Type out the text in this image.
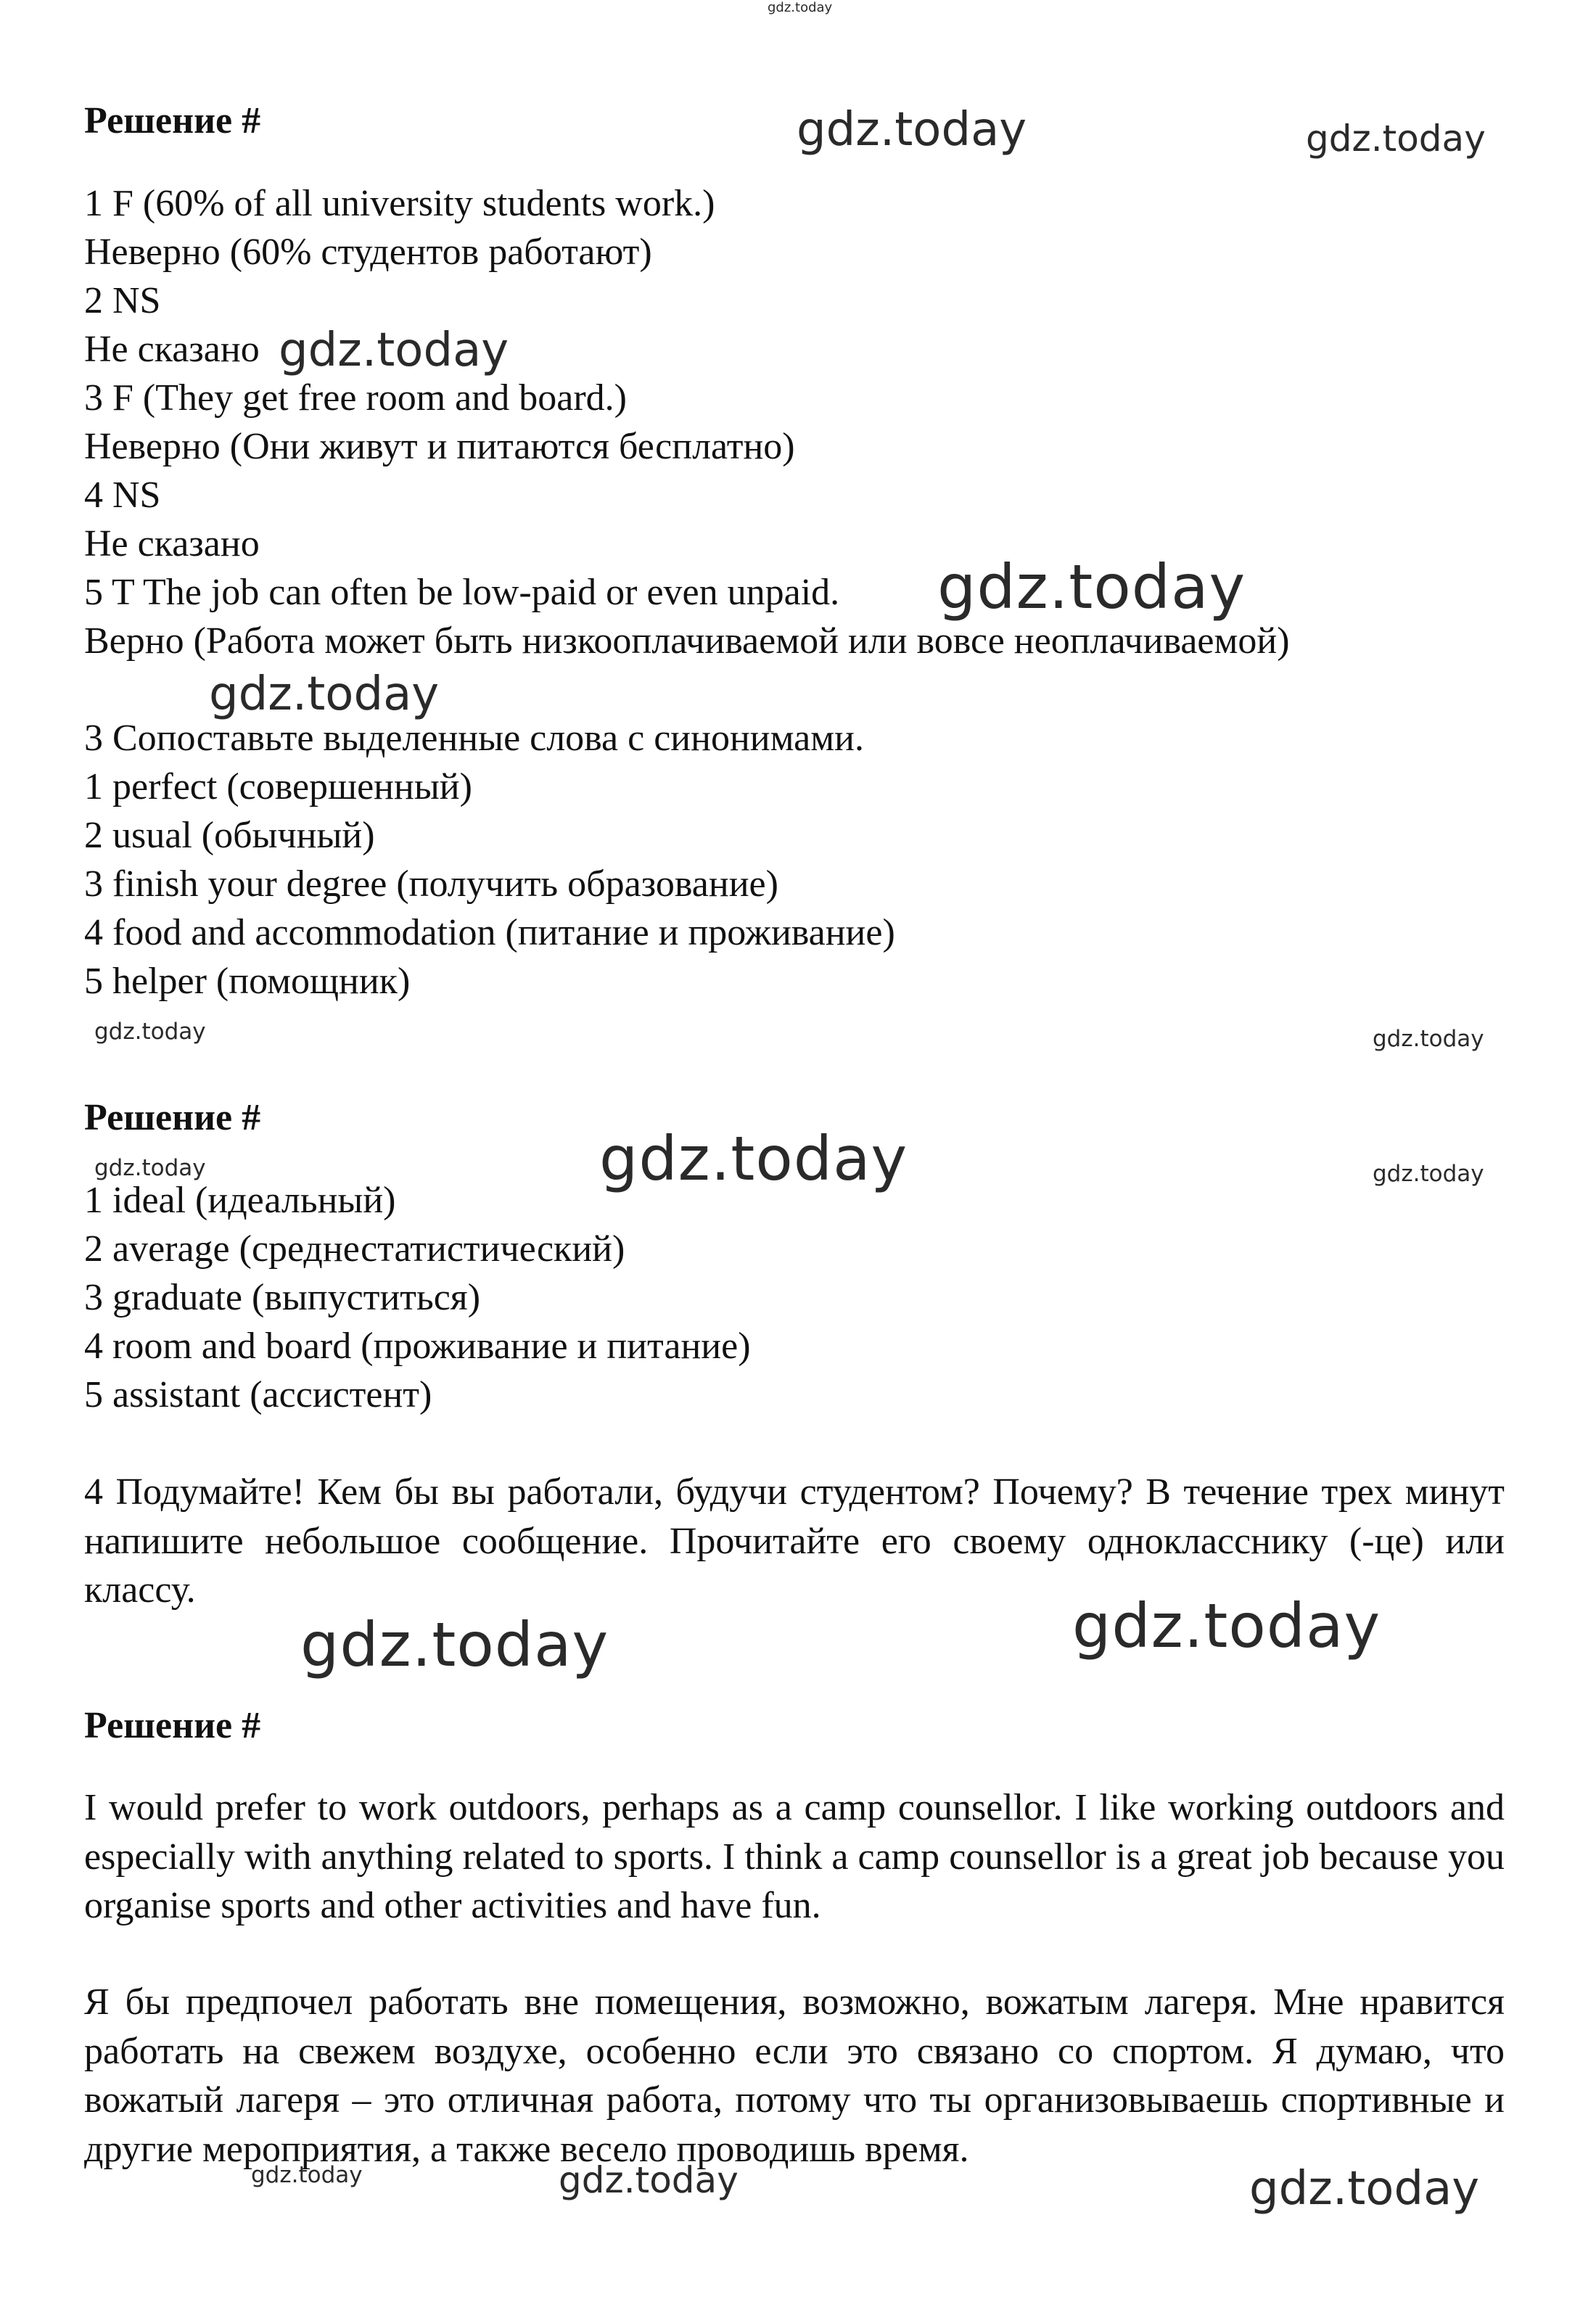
gdz.today

Решение #	gdz.today	gdz.today

1 F (60% of all university students work.)

Неверно (60% студентов работают)

2 NS

Не сказано gdz.today

3 F (They get free room and board.)

Неверно (Они живут и питаются бесплатно)

4 NS

Не сказано

5 T The job can often be low-paid or even unpaid. gdz.today

Верно (Работа может быть низкооплачиваемой или вовсе неоплачиваемой)

gdz.today

3 Сопоставьте выделенные слова с синонимами.

1 perfect (совершенный)

2 usual (обычный)

3 finish your degree (получить образование)

4 food and accommodation (питание и проживание)

5 helper (помощник)

gdz.today	gdz.today

Решение #

gdz.today
gdz.today	gdz.today

1 ideal (идеальный)

2 average (среднестатистический)

3 graduate (выпуститься)

4 room and board (проживание и питание)

5 assistant (ассистент)

4 Подумайте! Кем бы вы работали, будучи студентом? Почему? В течение трех минут напишите небольшое сообщение. Прочитайте его своему однокласснику (-це) или классу.

gdz.today	gdz.today

Решение #

I would prefer to work outdoors, perhaps as a camp counsellor. I like working outdoors and especially with anything related to sports. I think a camp counsellor is a great job because you organise sports and other activities and have fun.

Я бы предпочел работать вне помещения, возможно, вожатым лагеря. Мне нравится работать на свежем воздухе, особенно если это связано со спортом. Я думаю, что вожатый лагеря – это отличная работа, потому что ты организовываешь спортивные и другие мероприятия, а также весело проводишь время.

gdz.today	gdz.today	gdz.today
